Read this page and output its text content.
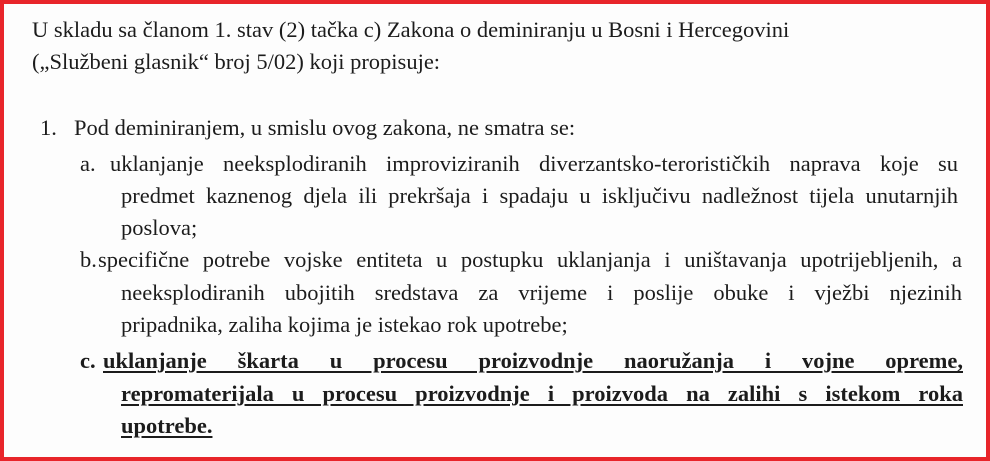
U skladu sa članom 1. stav (2) tačka c) Zakona o deminiranju u Bosni i Hercegovini
(„Službeni glasnik“ broj 5/02) koji propisuje:
1. Pod deminiranjem, u smislu ovog zakona, ne smatra se:
a. uklanjanje neeksplodiranih improviziranih diverzantsko-terorističkih naprava koje su
predmet kaznenog djela ili prekršaja i spadaju u isključivu nadležnost tijela unutarnjih
poslova;
b. specifične potrebe vojske entiteta u postupku uklanjanja i uništavanja upotrijebljenih, a
neeksplodiranih ubojitih sredstava za vrijeme i poslije obuke i vježbi njezinih
pripadnika, zaliha kojima je istekao rok upotrebe;
c. uklanjanje škarta u procesu proizvodnje naoružanja i vojne opreme,
repromaterijala u procesu proizvodnje i proizvoda na zalihi s istekom roka
upotrebe.
